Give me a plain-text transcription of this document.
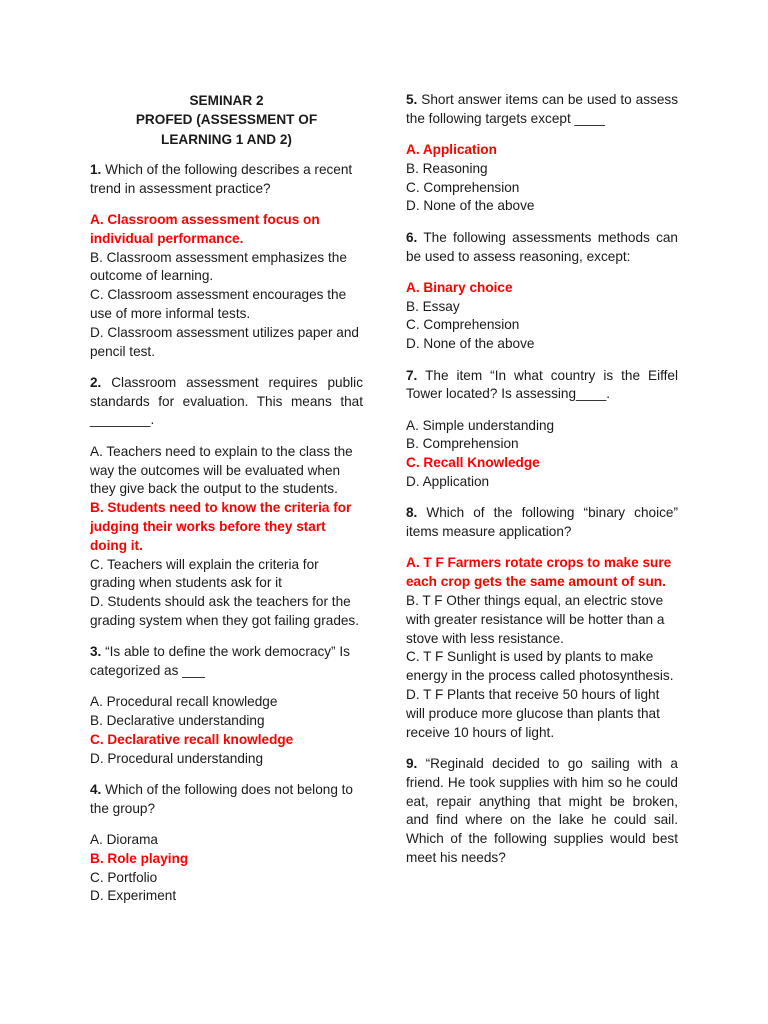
SEMINAR 2
PROFED (ASSESSMENT OF
LEARNING 1 AND 2)
1. Which of the following describes a recent trend in assessment practice?
A. Classroom assessment focus on individual performance.
B. Classroom assessment emphasizes the outcome of learning.
C. Classroom assessment encourages the use of more informal tests.
D. Classroom assessment utilizes paper and pencil test.
2. Classroom assessment requires public standards for evaluation. This means that ________.
A. Teachers need to explain to the class the way the outcomes will be evaluated when they give back the output to the students.
B. Students need to know the criteria for judging their works before they start doing it.
C. Teachers will explain the criteria for grading when students ask for it
D. Students should ask the teachers for the grading system when they got failing grades.
3. “Is able to define the work democracy” Is categorized as ___
A. Procedural recall knowledge
B. Declarative understanding
C. Declarative recall knowledge
D. Procedural understanding
4. Which of the following does not belong to the group?
A. Diorama
B. Role playing
C. Portfolio
D. Experiment
5. Short answer items can be used to assess the following targets except ____
A. Application
B. Reasoning
C. Comprehension
D. None of the above
6. The following assessments methods can be used to assess reasoning, except:
A. Binary choice
B. Essay
C. Comprehension
D. None of the above
7. The item “In what country is the Eiffel Tower located? Is assessing____.
A. Simple understanding
B. Comprehension
C. Recall Knowledge
D. Application
8. Which of the following “binary choice” items measure application?
A. T F Farmers rotate crops to make sure each crop gets the same amount of sun.
B. T F Other things equal, an electric stove with greater resistance will be hotter than a stove with less resistance.
C. T F Sunlight is used by plants to make energy in the process called photosynthesis.
D. T F Plants that receive 50 hours of light will produce more glucose than plants that receive 10 hours of light.
9. “Reginald decided to go sailing with a friend. He took supplies with him so he could eat, repair anything that might be broken, and find where on the lake he could sail. Which of the following supplies would best meet his needs?
